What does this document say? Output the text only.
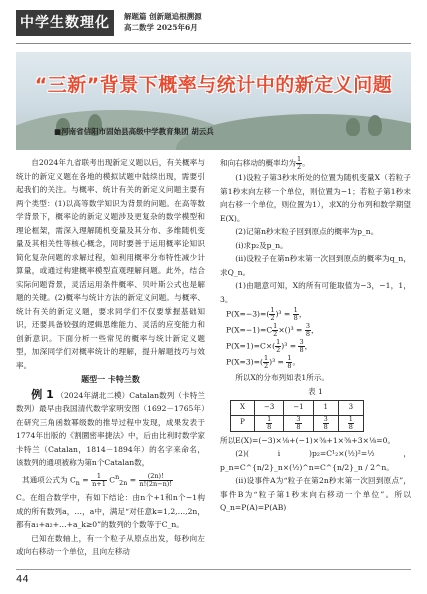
中学生数理化	解题篇 创新题追根溯源
高二数学 2025年6月
“三新”背景下概率与统计中的新定义问题
■河南省信阳市固始县高级中学教育集团 胡云兵

自2024年九省联考出现新定义题以后，有关概率与统计的新定义题在各地的模拟试题中陆续出现，需要引起我们的关注。与概率、统计有关的新定义问题主要有两个类型：(1)以高等数学知识为背景的问题。在高等数学背景下，概率论的新定义题涉及更复杂的数学模型和理论框架，需深入理解随机变量及其分布、多维随机变量及其相关性等核心概念，同时要善于运用概率论知识简化复杂问题的求解过程，如利用概率分布特性减少计算量，或通过构建概率模型直观理解问题。此外，结合实际问题背景，灵活运用条件概率、贝叶斯公式也是解题的关键。(2)概率与统计方法的新定义问题。与概率、统计有关的新定义题，要求同学们不仅要掌握基础知识，还要具备较强的逻辑思维能力、灵活的应变能力和创新意识。下面分析一些常见的概率与统计新定义题型，加深同学们对概率统计的理解，提升解题技巧与效率。

题型一 卡特兰数

例 1 （2024年湖北二模）Catalan数列（卡特兰数列）最早由我国清代数学家明安图（1692－1765年）在研究三角函数幂级数的推导过程中发现，成果发表于1774年出版的《割圜密率捷法》中，后由比利时数学家卡特兰（Catalan，1814－1894年）的名字来命名，该数列的通项被称为第n个Catalan数，

其通项公式为 $C_n = \frac{1}{n+1} C^n_{2n} = \frac{(2n)!}{n!(2n-n)!}$

C。在组合数学中，有如下结论：由n个+1和n个−1构成的所有数列a，…，a中，满足“对任意k=1,2,…,2n，都有a₁+a₂+…+a_k≥0”的数列的个数等于C_n。

已知在数轴上，有一个粒子从原点出发，每秒向左或向右移动一个单位，且向左移动

和向右移动的概率均为 $\frac{1}{2}$ 。

(1)设粒子第3秒末所处的位置为随机变量X（若粒子第1秒末向左移一个单位，则位置为−1；若粒子第1秒末向右移一个单位，则位置为1），求X的分布列和数学期望E(X)。

(2)记第n秒末粒子回到原点的概率为p_n。

(ⅰ)求p₂及p_n。

(ⅱ)设粒子在第n秒末第一次回到原点的概率为q_n，求Q_n。

(1)由题意可知，X的所有可能取值为−3，−1，1，3。

$P(X=-3)=( \frac{1}{2} )^3 = \frac{1}{8}$ ，
$P(X=-1)=C \frac{1}{2} \times()^3 = \frac{3}{8}$ ，
$P(X=1)=C\times( \frac{1}{2} )^3 = \frac{3}{8}$ ，
$P(X=3)=( \frac{1}{2} )^3 = \frac{1}{8}$ 。

所以X的分布列如表1所示。

表 1
X	−3	−1	1	3
P	$\frac{1}{8}$	$\frac{3}{8}$	$\frac{3}{8}$	$\frac{1}{8}$

所以E(X)=(−3)×⅛+(−1)×⅜+1×⅜+3×⅛=0。

(2)(ⅰ)p₂=C¹₂×(½)²=½，p_n=C^{n/2}_n×(½)^n=C^{n/2}_n / 2^n。

(ⅱ)设事件A为“粒子在第2n秒末第一次回到原点”，事件B为“粒子第1秒末向右移动一个单位”。所以Q_n=P(A)=P(AB)

44
